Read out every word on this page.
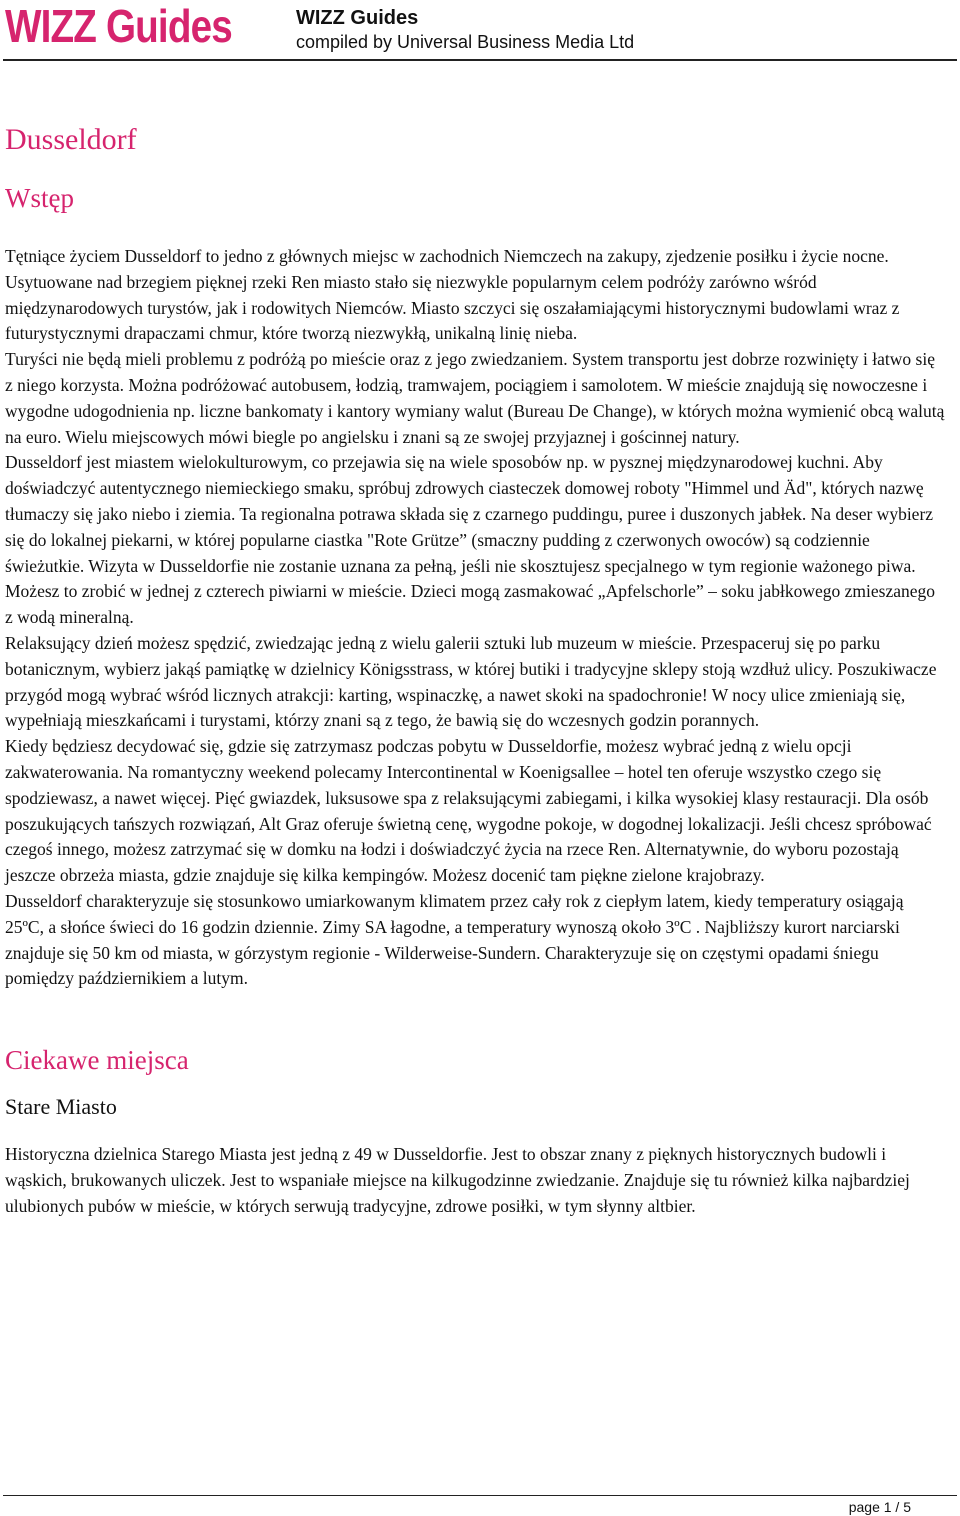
WIZZ Guides	WIZZ Guides
compiled by Universal Business Media Ltd
Dusseldorf
Wstęp

Tętniące życiem Dusseldorf to jedno z głównych miejsc w zachodnich Niemczech na zakupy, zjedzenie posiłku i życie nocne. Usytuowane nad brzegiem pięknej rzeki Ren miasto stało się niezwykle popularnym celem podróży zarówno wśród międzynarodowych turystów, jak i rodowitych Niemców. Miasto szczyci się oszałamiającymi historycznymi budowlami wraz z futurystycznymi drapaczami chmur, które tworzą niezwykłą, unikalną linię nieba.

Turyści nie będą mieli problemu z podróżą po mieście oraz z jego zwiedzaniem. System transportu jest dobrze rozwinięty i łatwo się z niego korzysta. Można podróżować autobusem, łodzią, tramwajem, pociągiem i samolotem. W mieście znajdują się nowoczesne i wygodne udogodnienia np. liczne bankomaty i kantory wymiany walut (Bureau De Change), w których można wymienić obcą walutą na euro. Wielu miejscowych mówi biegle po angielsku i znani są ze swojej przyjaznej i gościnnej natury.

Dusseldorf jest miastem wielokulturowym, co przejawia się na wiele sposobów np. w pysznej międzynarodowej kuchni. Aby doświadczyć autentycznego niemieckiego smaku, spróbuj zdrowych ciasteczek domowej roboty "Himmel und Äd", których nazwę tłumaczy się jako niebo i ziemia. Ta regionalna potrawa składa się z czarnego puddingu, puree i duszonych jabłek. Na deser wybierz się do lokalnej piekarni, w której popularne ciastka "Rote Grütze” (smaczny pudding z czerwonych owoców) są codziennie świeżutkie. Wizyta w Dusseldorfie nie zostanie uznana za pełną, jeśli nie skosztujesz specjalnego w tym regionie ważonego piwa. Możesz to zrobić w jednej z czterech piwiarni w mieście. Dzieci mogą zasmakować „Apfelschorle” – soku jabłkowego zmieszanego z wodą mineralną.

Relaksujący dzień możesz spędzić, zwiedzając jedną z wielu galerii sztuki lub muzeum w mieście. Przespaceruj się po parku botanicznym, wybierz jakąś pamiątkę w dzielnicy Königsstrass, w której butiki i tradycyjne sklepy stoją wzdłuż ulicy. Poszukiwacze przygód mogą wybrać wśród licznych atrakcji: karting, wspinaczkę, a nawet skoki na spadochronie! W nocy ulice zmieniają się, wypełniają mieszkańcami i turystami, którzy znani są z tego, że bawią się do wczesnych godzin porannych.

Kiedy będziesz decydować się, gdzie się zatrzymasz podczas pobytu w Dusseldorfie, możesz wybrać jedną z wielu opcji zakwaterowania. Na romantyczny weekend polecamy Intercontinental w Koenigsallee – hotel ten oferuje wszystko czego się spodziewasz, a nawet więcej. Pięć gwiazdek, luksusowe spa z relaksującymi zabiegami, i kilka wysokiej klasy restauracji. Dla osób poszukujących tańszych rozwiązań, Alt Graz oferuje świetną cenę, wygodne pokoje, w dogodnej lokalizacji. Jeśli chcesz spróbować czegoś innego, możesz zatrzymać się w domku na łodzi i doświadczyć życia na rzece Ren. Alternatywnie, do wyboru pozostają jeszcze obrzeża miasta, gdzie znajduje się kilka kempingów. Możesz docenić tam piękne zielone krajobrazy.

Dusseldorf charakteryzuje się stosunkowo umiarkowanym klimatem przez cały rok z ciepłym latem, kiedy temperatury osiągają 25ºC, a słońce świeci do 16 godzin dziennie. Zimy SA łagodne, a temperatury wynoszą około 3ºC . Najbliższy kurort narciarski znajduje się 50 km od miasta, w górzystym regionie - Wilderweise-Sundern. Charakteryzuje się on częstymi opadami śniegu pomiędzy październikiem a lutym.

Ciekawe miejsca
Stare Miasto

Historyczna dzielnica Starego Miasta jest jedną z 49 w Dusseldorfie. Jest to obszar znany z pięknych historycznych budowli i wąskich, brukowanych uliczek. Jest to wspaniałe miejsce na kilkugodzinne zwiedzanie. Znajduje się tu również kilka najbardziej ulubionych pubów w mieście, w których serwują tradycyjne, zdrowe posiłki, w tym słynny altbier.

page 1 / 5
